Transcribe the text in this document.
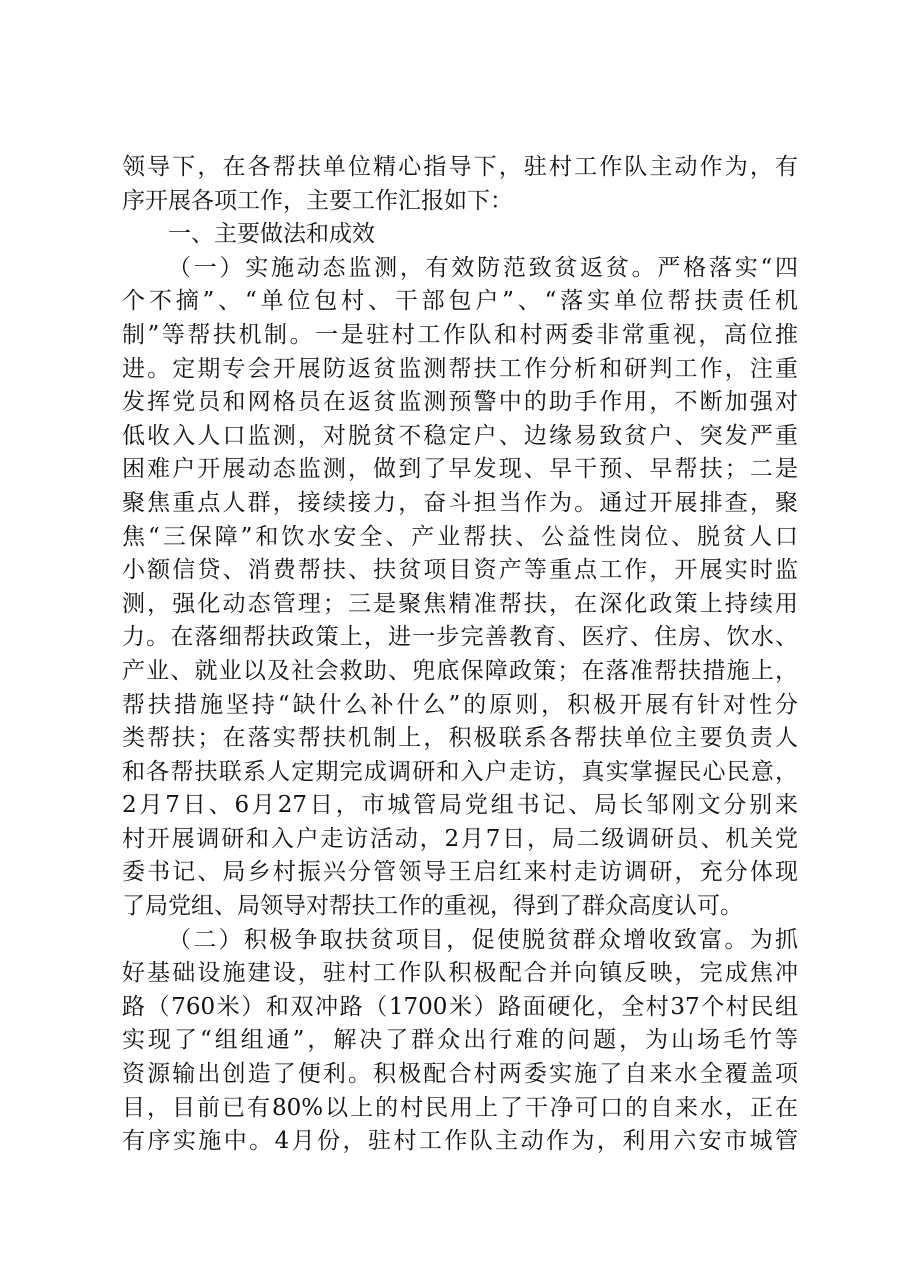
领导下，在各帮扶单位精心指导下，驻村工作队主动作为，有
序开展各项工作，主要工作汇报如下：
一、主要做法和成效
（一）实施动态监测，有效防范致贫返贫。严格落实“四
个不摘”、“单位包村、干部包户”、“落实单位帮扶责任机
制”等帮扶机制。一是驻村工作队和村两委非常重视，高位推
进。定期专会开展防返贫监测帮扶工作分析和研判工作，注重
发挥党员和网格员在返贫监测预警中的助手作用，不断加强对
低收入人口监测，对脱贫不稳定户、边缘易致贫户、突发严重
困难户开展动态监测，做到了早发现、早干预、早帮扶；二是
聚焦重点人群，接续接力，奋斗担当作为。通过开展排查，聚
焦“三保障”和饮水安全、产业帮扶、公益性岗位、脱贫人口
小额信贷、消费帮扶、扶贫项目资产等重点工作，开展实时监
测，强化动态管理；三是聚焦精准帮扶，在深化政策上持续用
力。在落细帮扶政策上，进一步完善教育、医疗、住房、饮水、
产业、就业以及社会救助、兜底保障政策；在落准帮扶措施上，
帮扶措施坚持“缺什么补什么”的原则，积极开展有针对性分
类帮扶；在落实帮扶机制上，积极联系各帮扶单位主要负责人
和各帮扶联系人定期完成调研和入户走访，真实掌握民心民意，
2月7日、6月27日，市城管局党组书记、局长邹刚文分别来
村开展调研和入户走访活动，2月7日，局二级调研员、机关党
委书记、局乡村振兴分管领导王启红来村走访调研，充分体现
了局党组、局领导对帮扶工作的重视，得到了群众高度认可。
（二）积极争取扶贫项目，促使脱贫群众增收致富。为抓
好基础设施建设，驻村工作队积极配合并向镇反映，完成焦冲
路（760米）和双冲路（1700米）路面硬化，全村37个村民组
实现了“组组通”，解决了群众出行难的问题，为山场毛竹等
资源输出创造了便利。积极配合村两委实施了自来水全覆盖项
目，目前已有80%以上的村民用上了干净可口的自来水，正在
有序实施中。4月份，驻村工作队主动作为，利用六安市城管
